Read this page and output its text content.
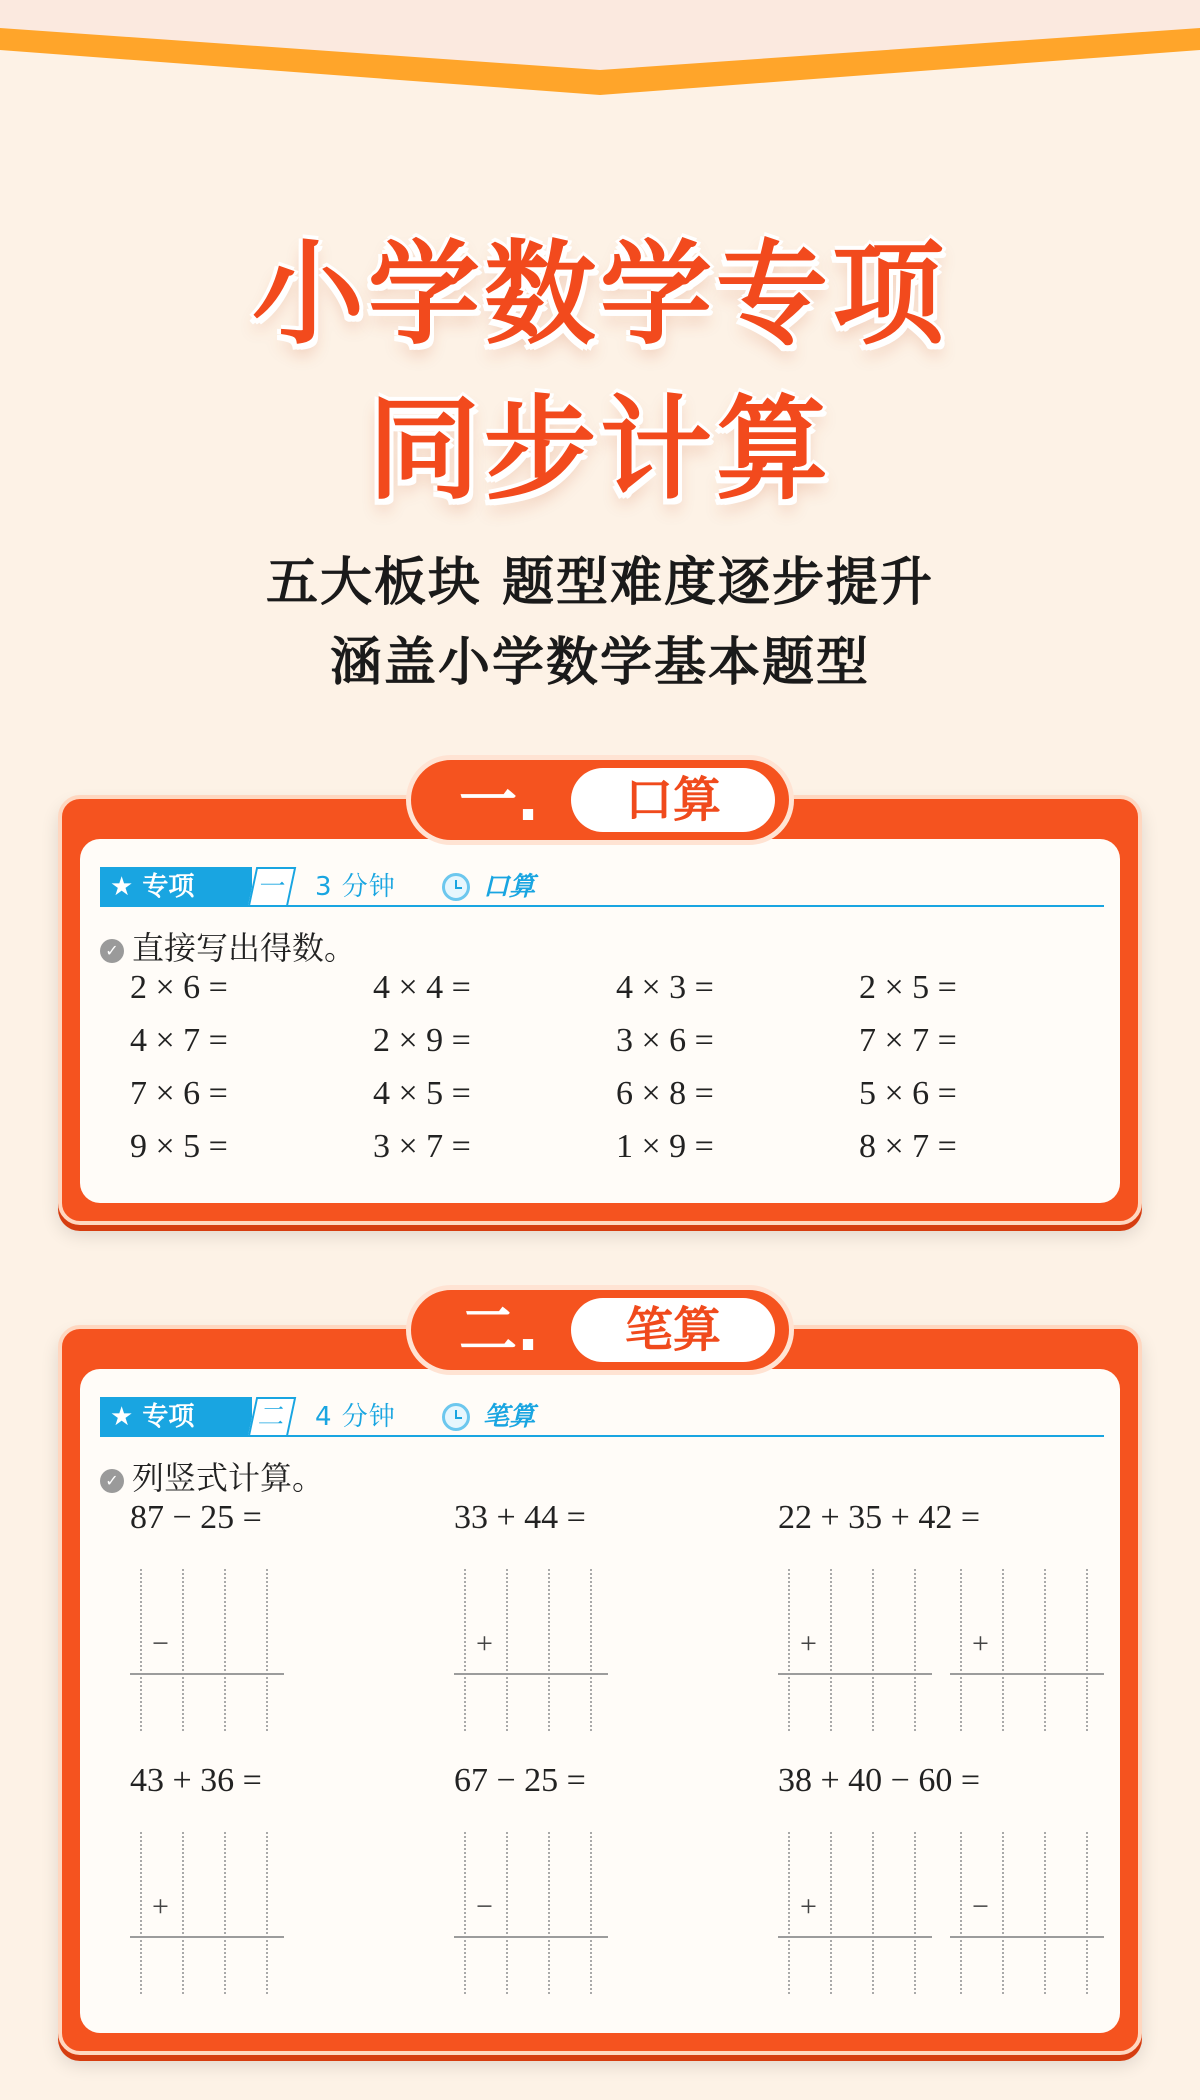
小学数学专项
同步计算
五大板块 题型难度逐步提升
涵盖小学数学基本题型
★ 专项	一	3 分钟	口算
✓ 直接写出得数。
2 × 6 =	4 × 4 =	4 × 3 =	2 × 5 =
4 × 7 =	2 × 9 =	3 × 6 =	7 × 7 =
7 × 6 =	4 × 5 =	6 × 8 =	5 × 6 =
9 × 5 =	3 × 7 =	1 × 9 =	8 × 7 =
一.	口算
★ 专项	二	4 分钟	笔算
✓ 列竖式计算。
87 − 25 =
−
33 + 44 =
+
22 + 35 + 42 =
+	+
43 + 36 =
+
67 − 25 =
−
38 + 40 − 60 =
+	−
二.	笔算
